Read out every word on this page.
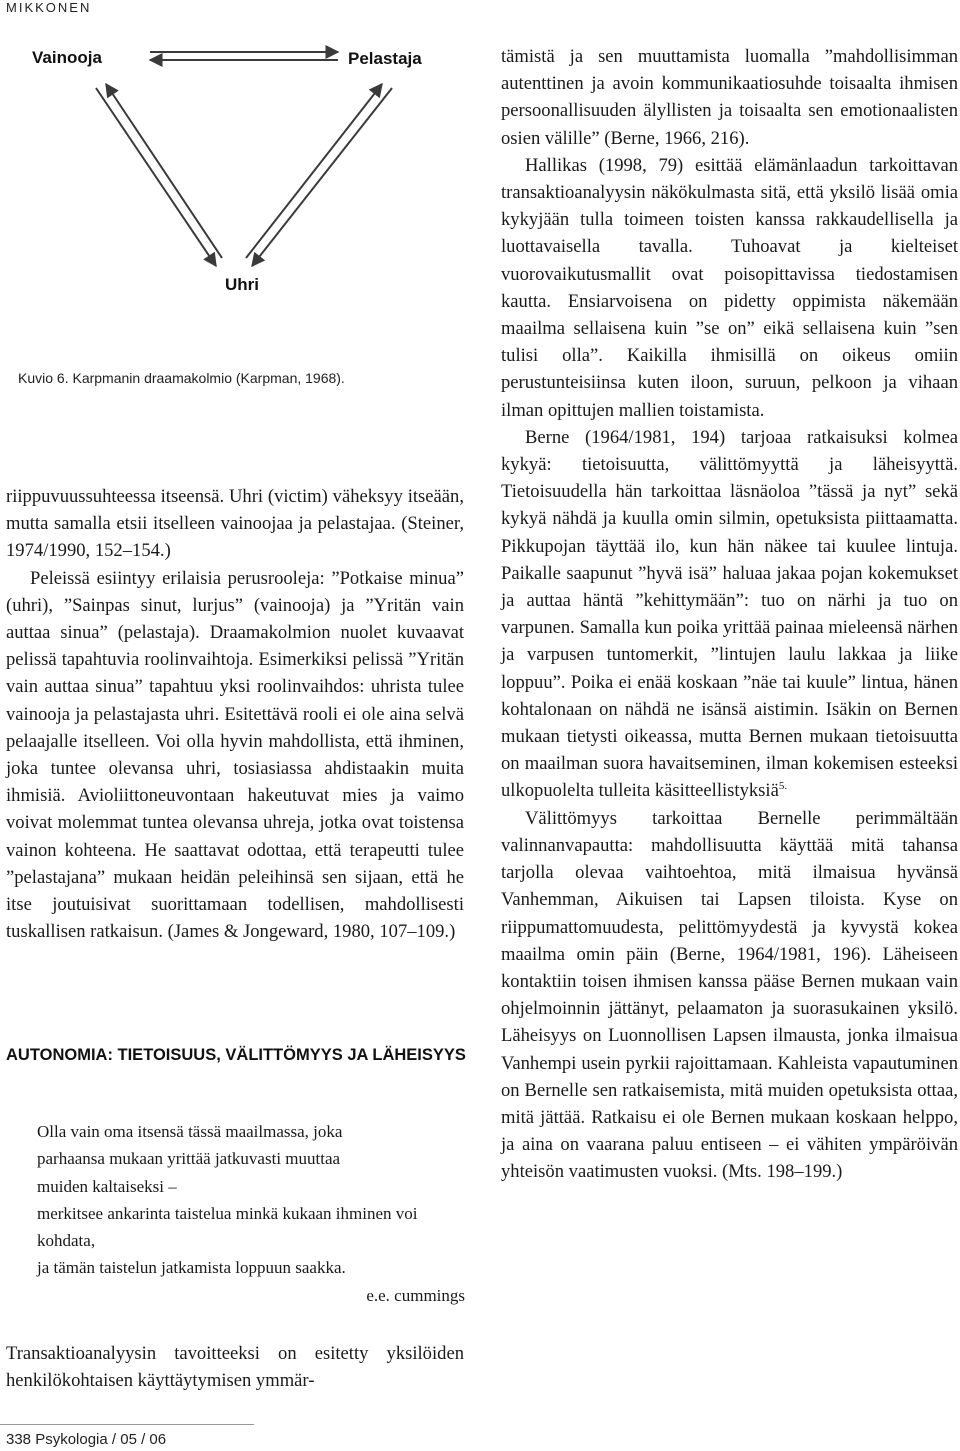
MIKKONEN
Vainooja	Pelastaja
Uhri
Kuvio 6. Karpmanin draamakolmio (Karpman, 1968).

riippuvuussuhteessa itseensä. Uhri (victim) väheksyy itseään, mutta samalla etsii itselleen vainoojaa ja pelastajaa. (Steiner, 1974/1990, 152–154.)

Peleissä esiintyy erilaisia perusrooleja: ”Potkaise minua” (uhri), ”Sainpas sinut, lurjus” (vainooja) ja ”Yritän vain auttaa sinua” (pelastaja). Draamakolmion nuolet kuvaavat pelissä tapahtuvia roolinvaihtoja. Esimerkiksi pelissä ”Yritän vain auttaa sinua” tapahtuu yksi roolinvaihdos: uhrista tulee vainooja ja pelastajasta uhri. Esitettävä rooli ei ole aina selvä pelaajalle itselleen. Voi olla hyvin mahdollista, että ihminen, joka tuntee olevansa uhri, tosiasiassa ahdistaakin muita ihmisiä. Avioliittoneuvontaan hakeutuvat mies ja vaimo voivat molemmat tuntea olevansa uhreja, jotka ovat toistensa vainon kohteena. He saattavat odottaa, että terapeutti tulee ”pelastajana” mukaan heidän peleihinsä sen sijaan, että he itse joutuisivat suorittamaan todellisen, mahdollisesti tuskallisen ratkaisun. (James & Jongeward, 1980, 107–109.)

AUTONOMIA: TIETOISUUS, VÄLITTÖMYYS JA LÄHEISYYS
Olla vain oma itsensä tässä maailmassa, joka
parhaansa mukaan yrittää jatkuvasti muuttaa
muiden kaltaiseksi –
merkitsee ankarinta taistelua minkä kukaan ihminen voi kohdata,
ja tämän taistelun jatkamista loppuun saakka.
e.e. cummings
Transaktioanalyysin tavoitteeksi on esitetty yksilöiden henkilökohtaisen käyttäytymisen ymmär-

tämistä ja sen muuttamista luomalla ”mahdollisimman autenttinen ja avoin kommunikaatiosuhde toisaalta ihmisen persoonallisuuden älyllisten ja toisaalta sen emotionaalisten osien välille” (Berne, 1966, 216).

Hallikas (1998, 79) esittää elämänlaadun tarkoittavan transaktioanalyysin näkökulmasta sitä, että yksilö lisää omia kykyjään tulla toimeen toisten kanssa rakkaudellisella ja luottavaisella tavalla. Tuhoavat ja kielteiset vuorovaikutusmallit ovat poisopittavissa tiedostamisen kautta. Ensiarvoisena on pidetty oppimista näkemään maailma sellaisena kuin ”se on” eikä sellaisena kuin ”sen tulisi olla”. Kaikilla ihmisillä on oikeus omiin perustunteisiinsa kuten iloon, suruun, pelkoon ja vihaan ilman opittujen mallien toistamista.

Berne (1964/1981, 194) tarjoaa ratkaisuksi kolmea kykyä: tietoisuutta, välittömyyttä ja läheisyyttä. Tietoisuudella hän tarkoittaa läsnäoloa ”tässä ja nyt” sekä kykyä nähdä ja kuulla omin silmin, opetuksista piittaamatta. Pikkupojan täyttää ilo, kun hän näkee tai kuulee lintuja. Paikalle saapunut ”hyvä isä” haluaa jakaa pojan kokemukset ja auttaa häntä ”kehittymään”: tuo on närhi ja tuo on varpunen. Samalla kun poika yrittää painaa mieleensä närhen ja varpusen tuntomerkit, ”lintujen laulu lakkaa ja liike loppuu”. Poika ei enää koskaan ”näe tai kuule” lintua, hänen kohtalonaan on nähdä ne isänsä aistimin. Isäkin on Bernen mukaan tietysti oikeassa, mutta Bernen mukaan tietoisuutta on maailman suora havaitseminen, ilman kokemisen esteeksi ulkopuolelta tulleita käsitteellistyksiä$^{5.}$

Välittömyys tarkoittaa Bernelle perimmältään valinnanvapautta: mahdollisuutta käyttää mitä tahansa tarjolla olevaa vaihtoehtoa, mitä ilmaisua hyvänsä Vanhemman, Aikuisen tai Lapsen tiloista. Kyse on riippumattomuudesta, pelittömyydestä ja kyvystä kokea maailma omin päin (Berne, 1964/1981, 196). Läheiseen kontaktiin toisen ihmisen kanssa pääse Bernen mukaan vain ohjelmoinnin jättänyt, pelaamaton ja suorasukainen yksilö. Läheisyys on Luonnollisen Lapsen ilmausta, jonka ilmaisua Vanhempi usein pyrkii rajoittamaan. Kahleista vapautuminen on Bernelle sen ratkaisemista, mitä muiden opetuksista ottaa, mitä jättää. Ratkaisu ei ole Bernen mukaan koskaan helppo, ja aina on vaarana paluu entiseen – ei vähiten ympäröivän yhteisön vaatimusten vuoksi. (Mts. 198–199.)

338 Psykologia / 05 / 06
